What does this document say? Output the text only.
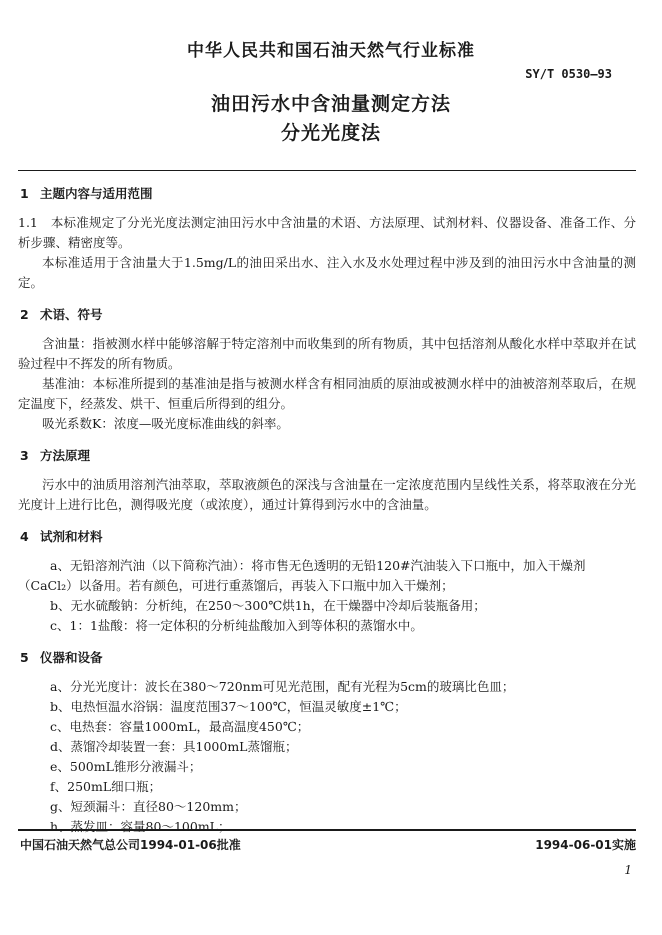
中华人民共和国石油天然气行业标准
SY/T 0530—93
油田污水中含油量测定方法
分光光度法
1 主题内容与适用范围

1.1　本标准规定了分光光度法测定油田污水中含油量的术语、方法原理、试剂材料、仪器设备、准备工作、分析步骤、精密度等。

本标准适用于含油量大于1.5mg/L的油田采出水、注入水及水处理过程中涉及到的油田污水中含油量的测定。

2 术语、符号

含油量：指被测水样中能够溶解于特定溶剂中而收集到的所有物质，其中包括溶剂从酸化水样中萃取并在试验过程中不挥发的所有物质。

基准油：本标准所提到的基准油是指与被测水样含有相同油质的原油或被测水样中的油被溶剂萃取后，在规定温度下，经蒸发、烘干、恒重后所得到的组分。

吸光系数K：浓度—吸光度标准曲线的斜率。

3 方法原理

污水中的油质用溶剂汽油萃取，萃取液颜色的深浅与含油量在一定浓度范围内呈线性关系，将萃取液在分光光度计上进行比色，测得吸光度（或浓度），通过计算得到污水中的含油量。

4 试剂和材料

a、无铅溶剂汽油（以下简称汽油）：将市售无色透明的无铅120#汽油装入下口瓶中，加入干燥剂（CaCl₂）以备用。若有颜色，可进行重蒸馏后，再装入下口瓶中加入干燥剂；

b、无水硫酸钠：分析纯，在250～300℃烘1h，在干燥器中冷却后装瓶备用；

c、1：1盐酸：将一定体积的分析纯盐酸加入到等体积的蒸馏水中。

5 仪器和设备

a、分光光度计：波长在380～720nm可见光范围，配有光程为5cm的玻璃比色皿；

b、电热恒温水浴锅：温度范围37～100℃，恒温灵敏度±1℃；

c、电热套：容量1000mL，最高温度450℃；

d、蒸馏冷却装置一套：具1000mL蒸馏瓶；

e、500mL锥形分液漏斗；

f、250mL细口瓶；

g、短颈漏斗：直径80～120mm；

h、蒸发皿：容量80～100mL；

中国石油天然气总公司1994-01-06批准	1994-06-01实施
1
